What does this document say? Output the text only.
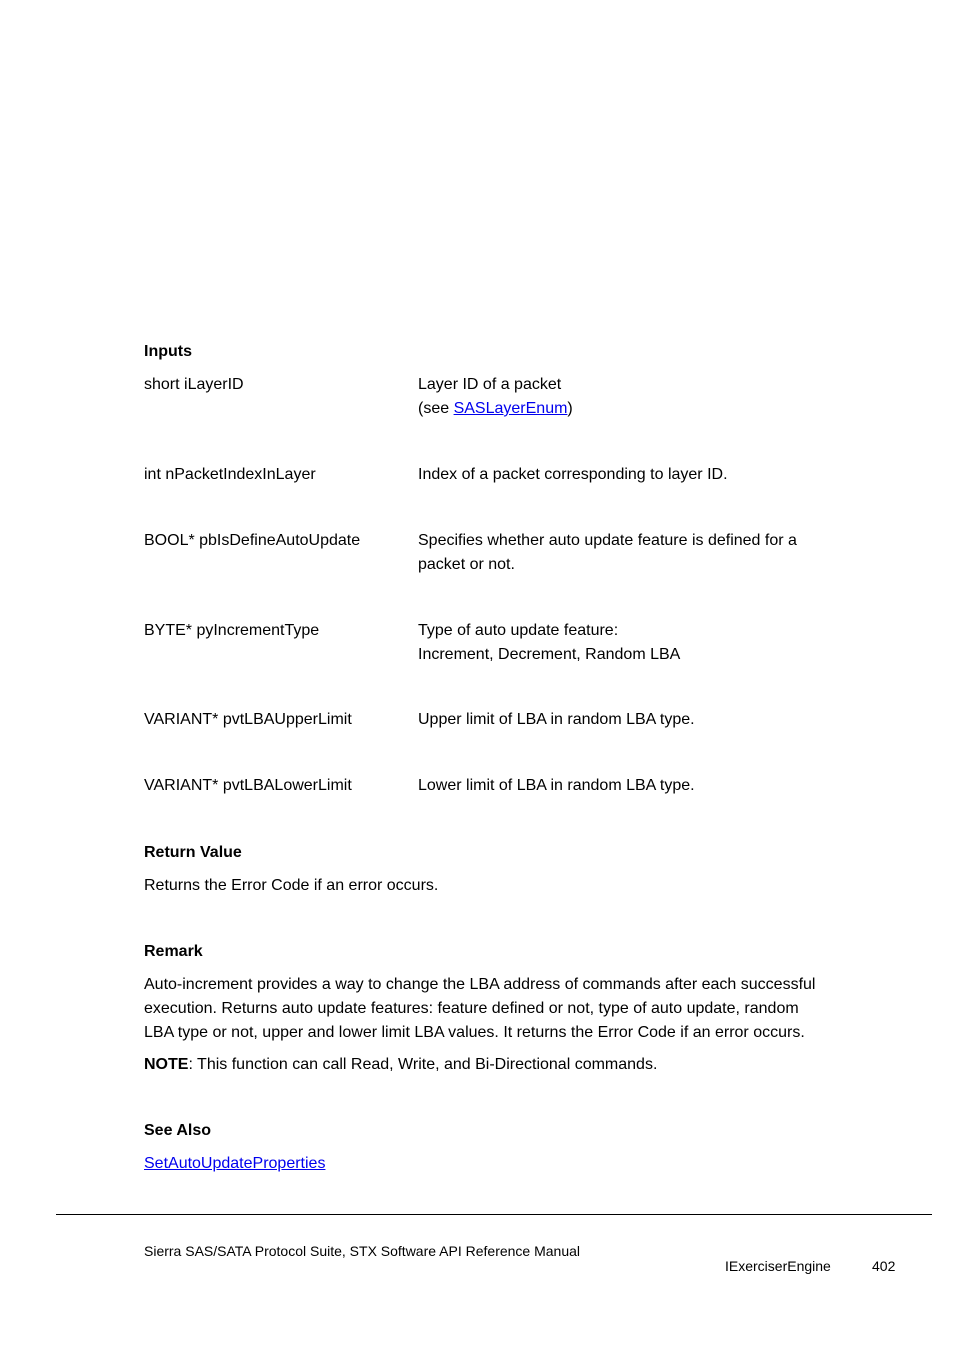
Inputs
short iLayerID	Layer ID of a packet
(see SASLayerEnum)
int nPacketIndexInLayer	Index of a packet corresponding to layer ID.
BOOL* pbIsDefineAutoUpdate	Specifies whether auto update feature is defined for a
packet or not.
BYTE* pyIncrementType	Type of auto update feature:
Increment, Decrement, Random LBA
VARIANT* pvtLBAUpperLimit	Upper limit of LBA in random LBA type.
VARIANT* pvtLBALowerLimit	Lower limit of LBA in random LBA type.
Return Value
Returns the Error Code if an error occurs.
Remark
Auto-increment provides a way to change the LBA address of commands after each successful
execution. Returns auto update features: feature defined or not, type of auto update, random
LBA type or not, upper and lower limit LBA values. It returns the Error Code if an error occurs.
NOTE: This function can call Read, Write, and Bi-Directional commands.
See Also
SetAutoUpdateProperties
Sierra SAS/SATA Protocol Suite, STX Software API Reference Manual
IExerciserEngine	402
